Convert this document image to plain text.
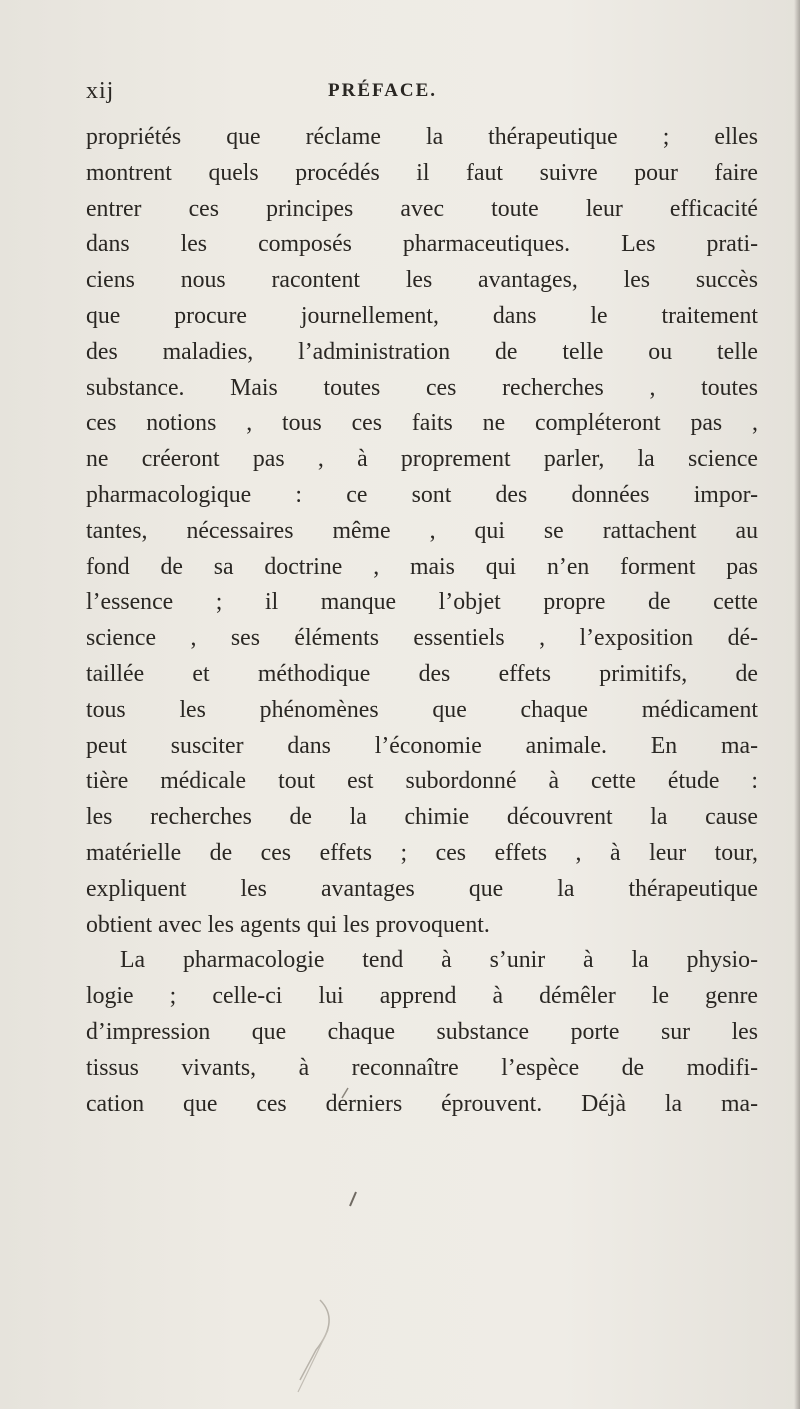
xij	PRÉFACE.
propriétés que réclame la thérapeutique ; elles
montrent quels procédés il faut suivre pour faire
entrer ces principes avec toute leur efficacité
dans les composés pharmaceutiques. Les prati-
ciens nous racontent les avantages, les succès
que procure journellement, dans le traitement
des maladies, l’administration de telle ou telle
substance. Mais toutes ces recherches , toutes
ces notions , tous ces faits ne compléteront pas ,
ne créeront pas , à proprement parler, la science
pharmacologique : ce sont des données impor-
tantes, nécessaires même , qui se rattachent au
fond de sa doctrine , mais qui n’en forment pas
l’essence ; il manque l’objet propre de cette
science , ses éléments essentiels , l’exposition dé-
taillée et méthodique des effets primitifs, de
tous les phénomènes que chaque médicament
peut susciter dans l’économie animale. En ma-
tière médicale tout est subordonné à cette étude :
les recherches de la chimie découvrent la cause
matérielle de ces effets ; ces effets , à leur tour,
expliquent les avantages que la thérapeutique
obtient avec les agents qui les provoquent.
La pharmacologie tend à s’unir à la physio-
logie ; celle-ci lui apprend à démêler le genre
d’impression que chaque substance porte sur les
tissus vivants, à reconnaître l’espèce de modifi-
cation que ces derniers éprouvent. Déjà la ma-
